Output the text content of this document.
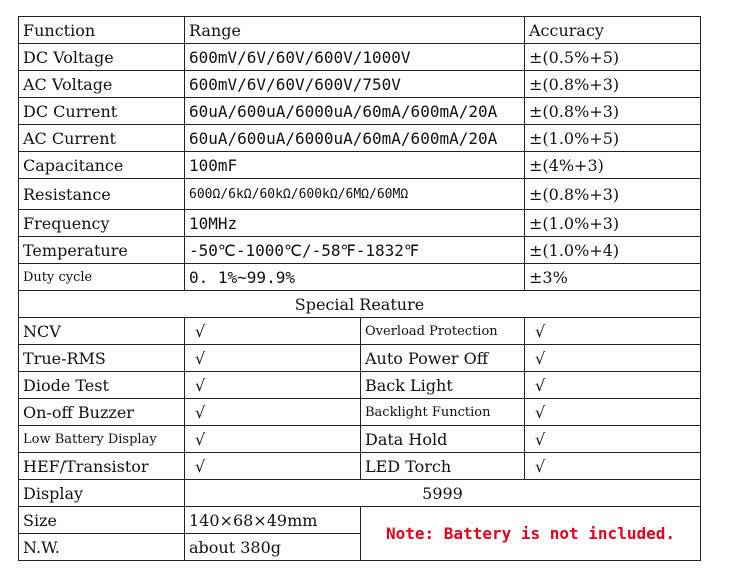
Function	Range		Accuracy
DC Voltage	600mV/6V/60V/600V/1000V		±(0.5%+5)
AC Voltage	600mV/6V/60V/600V/750V		±(0.8%+3)
DC Current	60uA/600uA/6000uA/60mA/600mA/20A		±(0.8%+3)
AC Current	60uA/600uA/6000uA/60mA/600mA/20A		±(1.0%+5)
Capacitance	100mF		±(4%+3)
Resistance	600Ω/6kΩ/60kΩ/600kΩ/6MΩ/60MΩ		±(0.8%+3)
Frequency	10MHz		±(1.0%+3)
Temperature	-50℃-1000℃/-58℉-1832℉		±(1.0%+4)
Duty cycle	0. 1%~99.9%		±3%
Special Reature			
NCV	√	Overload Protection	√
True-RMS	√	Auto Power Off	√
Diode Test	√	Back Light	√
On-off Buzzer	√	Backlight Function	√
Low Battery Display	√	Data Hold	√
HEF/Transistor	√	LED Torch	√
Display	5999		
Size	140×68×49mm	Note: Battery is not included.	
N.W.	about 380g		
